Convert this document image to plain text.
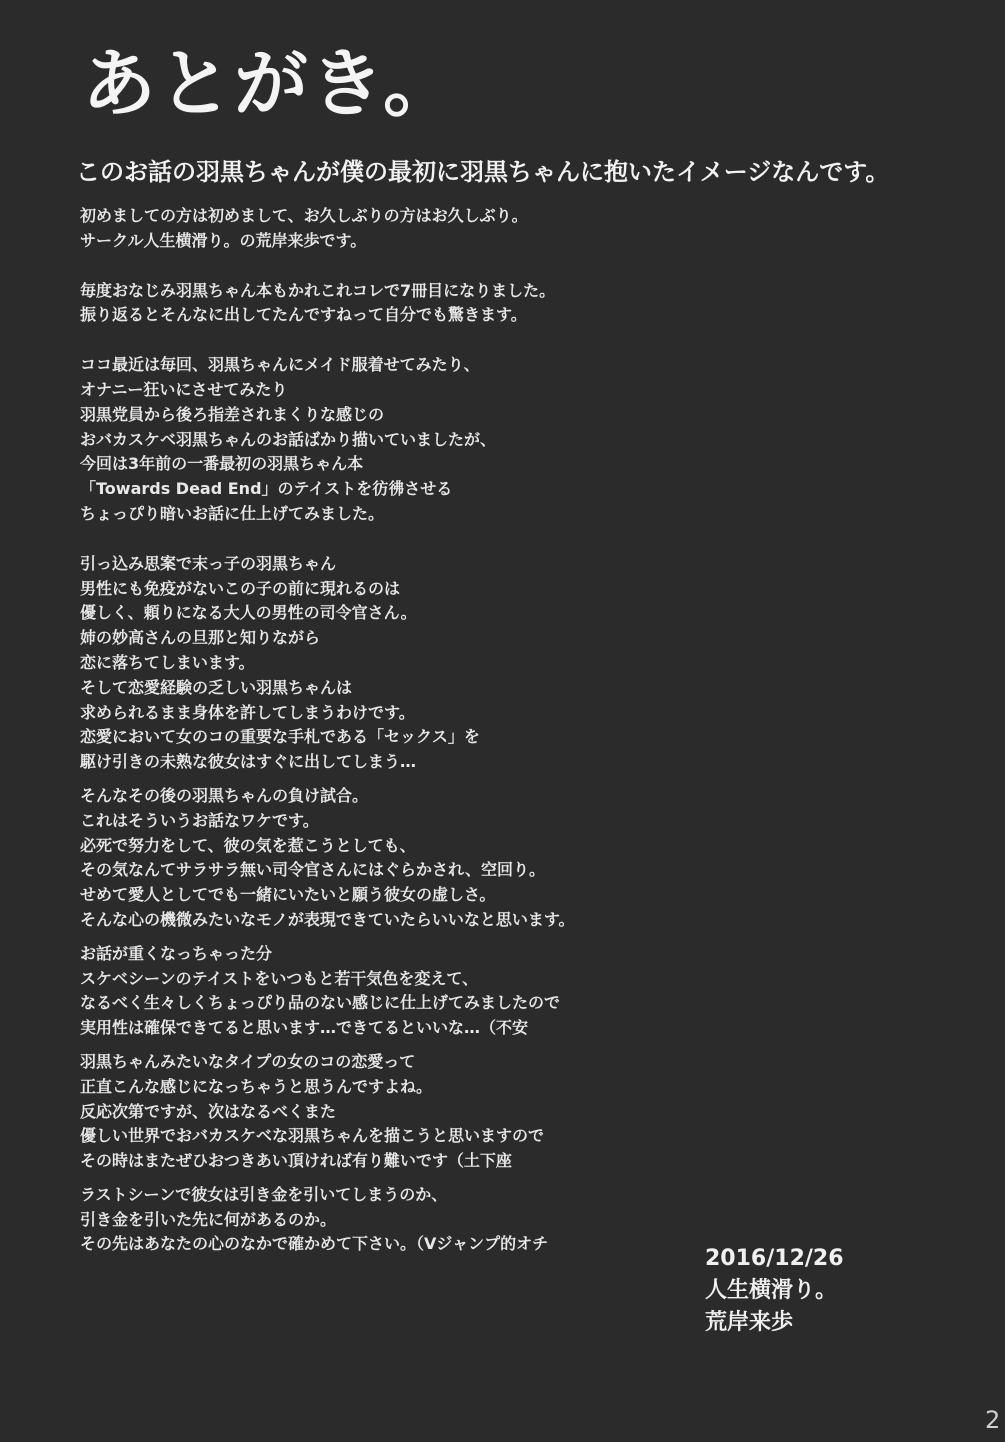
あとがき。
このお話の羽黒ちゃんが僕の最初に羽黒ちゃんに抱いたイメージなんです。
初めましての方は初めまして、お久しぶりの方はお久しぶり。
サークル人生横滑り。の荒岸来歩です。
毎度おなじみ羽黒ちゃん本もかれこれコレで7冊目になりました。
振り返るとそんなに出してたんですねって自分でも驚きます。
ココ最近は毎回、羽黒ちゃんにメイド服着せてみたり、
オナニー狂いにさせてみたり
羽黒党員から後ろ指差されまくりな感じの
おバカスケベ羽黒ちゃんのお話ばかり描いていましたが、
今回は3年前の一番最初の羽黒ちゃん本
「Towards Dead End」のテイストを彷彿させる
ちょっぴり暗いお話に仕上げてみました。
引っ込み思案で末っ子の羽黒ちゃん
男性にも免疫がないこの子の前に現れるのは
優しく、頼りになる大人の男性の司令官さん。
姉の妙高さんの旦那と知りながら
恋に落ちてしまいます。
そして恋愛経験の乏しい羽黒ちゃんは
求められるまま身体を許してしまうわけです。
恋愛において女のコの重要な手札である「セックス」を
駆け引きの未熟な彼女はすぐに出してしまう…
そんなその後の羽黒ちゃんの負け試合。
これはそういうお話なワケです。
必死で努力をして、彼の気を惹こうとしても、
その気なんてサラサラ無い司令官さんにはぐらかされ、空回り。
せめて愛人としてでも一緒にいたいと願う彼女の虚しさ。
そんな心の機微みたいなモノが表現できていたらいいなと思います。
お話が重くなっちゃった分
スケベシーンのテイストをいつもと若干気色を変えて、
なるべく生々しくちょっぴり品のない感じに仕上げてみましたので
実用性は確保できてると思います…できてるといいな…（不安
羽黒ちゃんみたいなタイプの女のコの恋愛って
正直こんな感じになっちゃうと思うんですよね。
反応次第ですが、次はなるべくまた
優しい世界でおバカスケベな羽黒ちゃんを描こうと思いますので
その時はまたぜひおつきあい頂ければ有り難いです（土下座
ラストシーンで彼女は引き金を引いてしまうのか、
引き金を引いた先に何があるのか。
その先はあなたの心のなかで確かめて下さい。（Vジャンプ的オチ
2016/12/26
人生横滑り。
荒岸来歩
2
